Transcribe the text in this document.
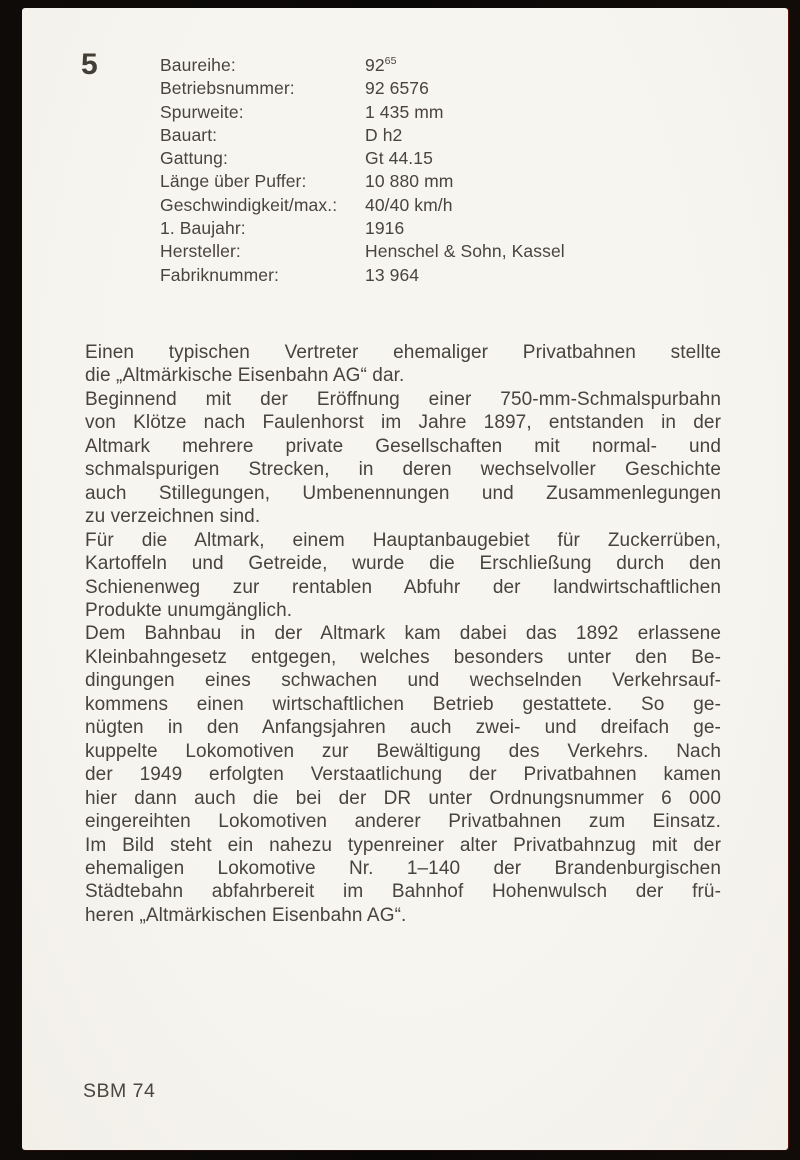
5	Baureihe:	$92^{65}$
Betriebsnummer:	92 6576
Spurweite:	1 435 mm
Bauart:	D h2
Gattung:	Gt 44.15
Länge über Puffer:	10 880 mm
Geschwindigkeit/max.:	40/40 km/h
1. Baujahr:	1916
Hersteller:	Henschel & Sohn, Kassel
Fabriknummer:	13 964
Einen typischen Vertreter ehemaliger Privatbahnen stellte
die „Altmärkische Eisenbahn AG“ dar.
Beginnend mit der Eröffnung einer 750-mm-Schmalspurbahn
von Klötze nach Faulenhorst im Jahre 1897, entstanden in der
Altmark mehrere private Gesellschaften mit normal- und
schmalspurigen Strecken, in deren wechselvoller Geschichte
auch Stillegungen, Umbenennungen und Zusammenlegungen
zu verzeichnen sind.
Für die Altmark, einem Hauptanbaugebiet für Zuckerrüben,
Kartoffeln und Getreide, wurde die Erschließung durch den
Schienenweg zur rentablen Abfuhr der landwirtschaftlichen
Produkte unumgänglich.
Dem Bahnbau in der Altmark kam dabei das 1892 erlassene
Kleinbahngesetz entgegen, welches besonders unter den Be-
dingungen eines schwachen und wechselnden Verkehrsauf-
kommens einen wirtschaftlichen Betrieb gestattete. So ge-
nügten in den Anfangsjahren auch zwei- und dreifach ge-
kuppelte Lokomotiven zur Bewältigung des Verkehrs. Nach
der 1949 erfolgten Verstaatlichung der Privatbahnen kamen
hier dann auch die bei der DR unter Ordnungsnummer 6 000
eingereihten Lokomotiven anderer Privatbahnen zum Einsatz.
Im Bild steht ein nahezu typenreiner alter Privatbahnzug mit der
ehemaligen Lokomotive Nr. 1–140 der Brandenburgischen
Städtebahn abfahrbereit im Bahnhof Hohenwulsch der frü-
heren „Altmärkischen Eisenbahn AG“.
SBM 74
